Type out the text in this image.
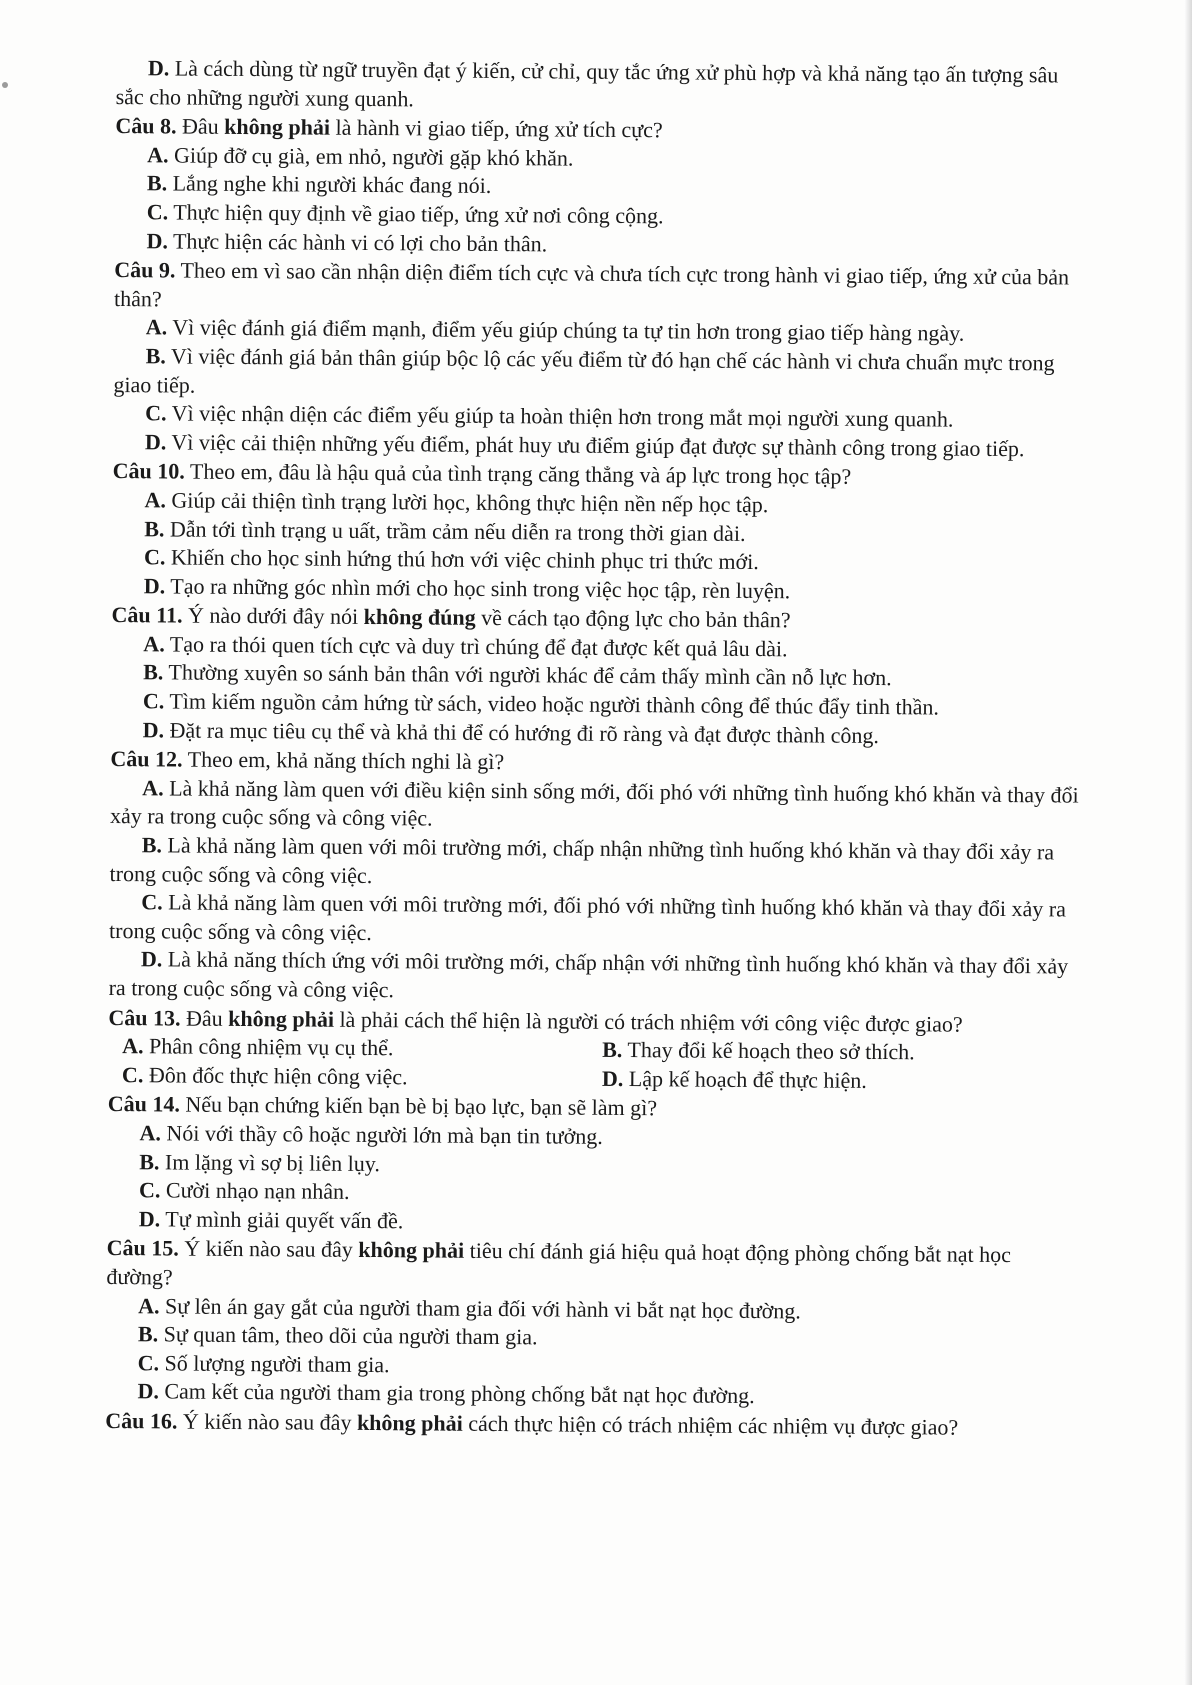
D. Là cách dùng từ ngữ truyền đạt ý kiến, cử chỉ, quy tắc ứng xử phù hợp và khả năng tạo ấn tượng sâu sắc cho những người xung quanh.

Câu 8. Đâu không phải là hành vi giao tiếp, ứng xử tích cực?

A. Giúp đỡ cụ già, em nhỏ, người gặp khó khăn.

B. Lắng nghe khi người khác đang nói.

C. Thực hiện quy định về giao tiếp, ứng xử nơi công cộng.

D. Thực hiện các hành vi có lợi cho bản thân.

Câu 9. Theo em vì sao cần nhận diện điểm tích cực và chưa tích cực trong hành vi giao tiếp, ứng xử của bản thân?

A. Vì việc đánh giá điểm mạnh, điểm yếu giúp chúng ta tự tin hơn trong giao tiếp hàng ngày.

B. Vì việc đánh giá bản thân giúp bộc lộ các yếu điểm từ đó hạn chế các hành vi chưa chuẩn mực trong giao tiếp.

C. Vì việc nhận diện các điểm yếu giúp ta hoàn thiện hơn trong mắt mọi người xung quanh.

D. Vì việc cải thiện những yếu điểm, phát huy ưu điểm giúp đạt được sự thành công trong giao tiếp.

Câu 10. Theo em, đâu là hậu quả của tình trạng căng thẳng và áp lực trong học tập?

A. Giúp cải thiện tình trạng lười học, không thực hiện nền nếp học tập.

B. Dẫn tới tình trạng u uất, trầm cảm nếu diễn ra trong thời gian dài.

C. Khiến cho học sinh hứng thú hơn với việc chinh phục tri thức mới.

D. Tạo ra những góc nhìn mới cho học sinh trong việc học tập, rèn luyện.

Câu 11. Ý nào dưới đây nói không đúng về cách tạo động lực cho bản thân?

A. Tạo ra thói quen tích cực và duy trì chúng để đạt được kết quả lâu dài.

B. Thường xuyên so sánh bản thân với người khác để cảm thấy mình cần nỗ lực hơn.

C. Tìm kiếm nguồn cảm hứng từ sách, video hoặc người thành công để thúc đẩy tinh thần.

D. Đặt ra mục tiêu cụ thể và khả thi để có hướng đi rõ ràng và đạt được thành công.

Câu 12. Theo em, khả năng thích nghi là gì?

A. Là khả năng làm quen với điều kiện sinh sống mới, đối phó với những tình huống khó khăn và thay đổi xảy ra trong cuộc sống và công việc.

B. Là khả năng làm quen với môi trường mới, chấp nhận những tình huống khó khăn và thay đổi xảy ra trong cuộc sống và công việc.

C. Là khả năng làm quen với môi trường mới, đối phó với những tình huống khó khăn và thay đổi xảy ra trong cuộc sống và công việc.

D. Là khả năng thích ứng với môi trường mới, chấp nhận với những tình huống khó khăn và thay đổi xảy ra trong cuộc sống và công việc.

Câu 13. Đâu không phải là phải cách thể hiện là người có trách nhiệm với công việc được giao?

A. Phân công nhiệm vụ cụ thể.	B. Thay đổi kế hoạch theo sở thích.

C. Đôn đốc thực hiện công việc.	D. Lập kế hoạch để thực hiện.

Câu 14. Nếu bạn chứng kiến bạn bè bị bạo lực, bạn sẽ làm gì?

A. Nói với thầy cô hoặc người lớn mà bạn tin tưởng.

B. Im lặng vì sợ bị liên lụy.

C. Cười nhạo nạn nhân.

D. Tự mình giải quyết vấn đề.

Câu 15. Ý kiến nào sau đây không phải tiêu chí đánh giá hiệu quả hoạt động phòng chống bắt nạt học đường?

A. Sự lên án gay gắt của người tham gia đối với hành vi bắt nạt học đường.

B. Sự quan tâm, theo dõi của người tham gia.

C. Số lượng người tham gia.

D. Cam kết của người tham gia trong phòng chống bắt nạt học đường.

Câu 16. Ý kiến nào sau đây không phải cách thực hiện có trách nhiệm các nhiệm vụ được giao?
